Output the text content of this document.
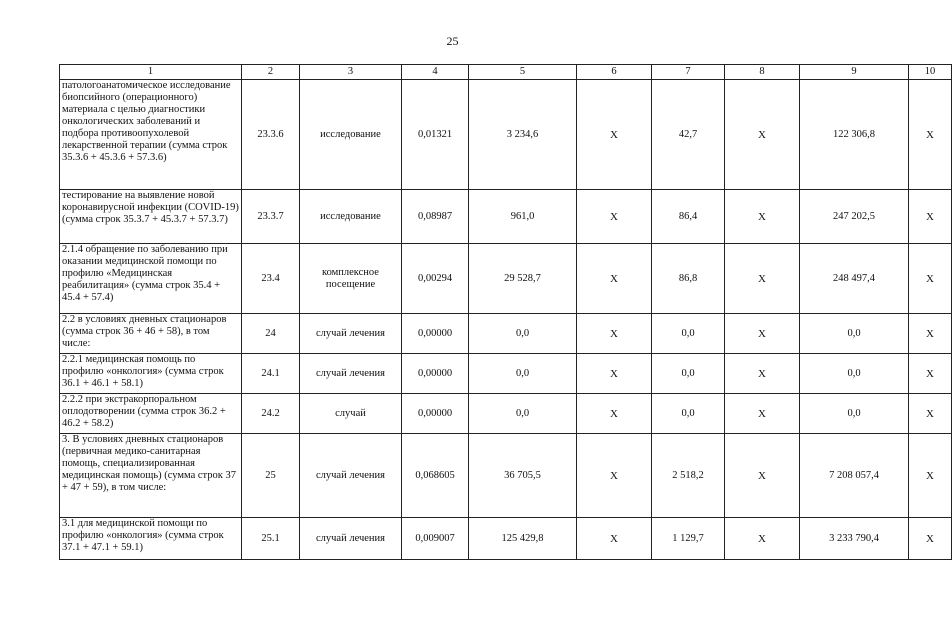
25
1	2	3	4	5	6	7	8	9	10
патологоанатомическое исследование биопсийного (операционного) материала с целью диагностики онкологических заболеваний и подбора противоопухолевой лекарственной терапии (сумма строк 35.3.6 + 45.3.6 + 57.3.6)	23.3.6	исследование	0,01321	3 234,6	X	42,7	X	122 306,8	X
тестирование на выявление новой коронавирусной инфекции (COVID-19) (сумма строк 35.3.7 + 45.3.7 + 57.3.7)	23.3.7	исследование	0,08987	961,0	X	86,4	X	247 202,5	X
2.1.4 обращение по заболеванию при оказании медицинской помощи по профилю «Медицинская реабилитация» (сумма строк 35.4 + 45.4 + 57.4)	23.4	комплексное посещение	0,00294	29 528,7	X	86,8	X	248 497,4	X
2.2 в условиях дневных стационаров (сумма строк 36 + 46 + 58), в том числе:	24	случай лечения	0,00000	0,0	X	0,0	X	0,0	X
2.2.1 медицинская помощь по профилю «онкология» (сумма строк 36.1 + 46.1 + 58.1)	24.1	случай лечения	0,00000	0,0	X	0,0	X	0,0	X
2.2.2 при экстракорпоральном оплодотворении (сумма строк 36.2 + 46.2 + 58.2)	24.2	случай	0,00000	0,0	X	0,0	X	0,0	X
3. В условиях дневных стационаров (первичная медико-санитарная помощь, специализированная медицинская помощь) (сумма строк 37 + 47 + 59), в том числе:	25	случай лечения	0,068605	36 705,5	X	2 518,2	X	7 208 057,4	X
3.1 для медицинской помощи по профилю «онкология» (сумма строк 37.1 + 47.1 + 59.1)	25.1	случай лечения	0,009007	125 429,8	X	1 129,7	X	3 233 790,4	X
